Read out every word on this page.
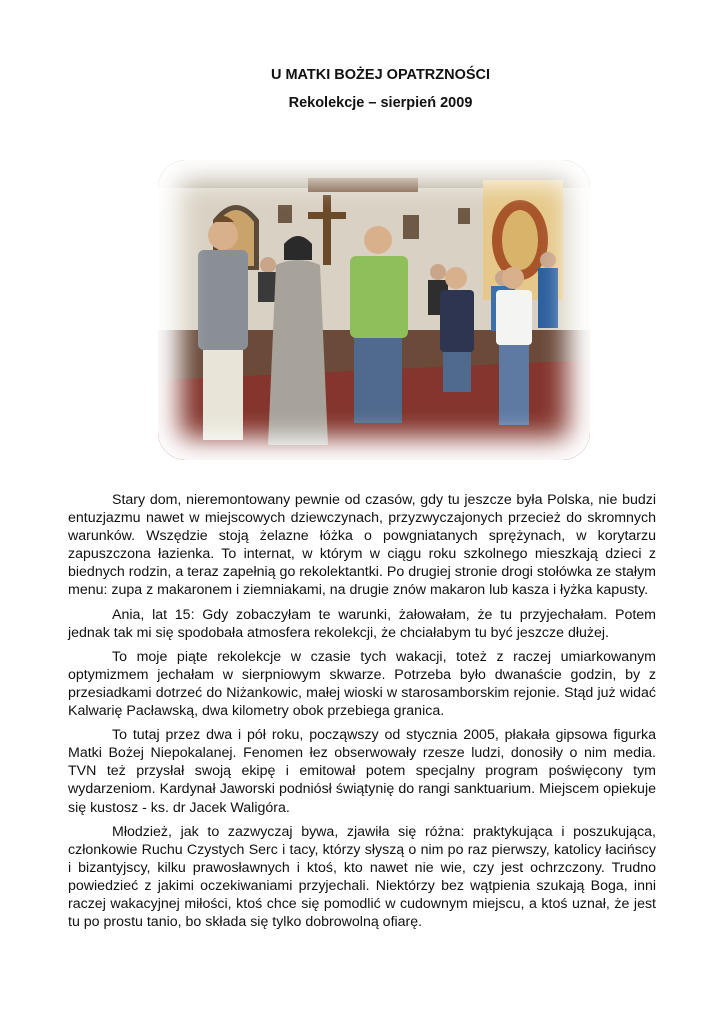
U MATKI BOŻEJ OPATRZNOŚCI
Rekolekcje – sierpień 2009

Stary dom, nieremontowany pewnie od czasów, gdy tu jeszcze była Polska, nie budzi entuzjazmu nawet w miejscowych dziewczynach, przyzwyczajonych przecież do skromnych warunków. Wszędzie stoją żelazne łóżka o powgniatanych sprężynach, w korytarzu zapuszczona łazienka. To internat, w którym w ciągu roku szkolnego mieszkają dzieci z biednych rodzin, a teraz zapełnią go rekolektantki. Po drugiej stronie drogi stołówka ze stałym menu: zupa z makaronem i ziemniakami, na drugie znów makaron lub kasza i łyżka kapusty.

Ania, lat 15: Gdy zobaczyłam te warunki, żałowałam, że tu przyjechałam. Potem jednak tak mi się spodobała atmosfera rekolekcji, że chciałabym tu być jeszcze dłużej.

To moje piąte rekolekcje w czasie tych wakacji, toteż z raczej umiarkowanym optymizmem jechałam w sierpniowym skwarze. Potrzeba było dwanaście godzin, by z przesiadkami dotrzeć do Niżankowic, małej wioski w starosamborskim rejonie. Stąd już widać Kalwarię Pacławską, dwa kilometry obok przebiega granica.

To tutaj przez dwa i pół roku, począwszy od stycznia 2005, płakała gipsowa figurka Matki Bożej Niepokalanej. Fenomen łez obserwowały rzesze ludzi, donosiły o nim media. TVN też przysłał swoją ekipę i emitował potem specjalny program poświęcony tym wydarzeniom. Kardynał Jaworski podniósł świątynię do rangi sanktuarium. Miejscem opiekuje się kustosz - ks. dr Jacek Waligóra.

Młodzież, jak to zazwyczaj bywa, zjawiła się różna: praktykująca i poszukująca, członkowie Ruchu Czystych Serc i tacy, którzy słyszą o nim po raz pierwszy, katolicy łacińscy i bizantyjscy, kilku prawosławnych i ktoś, kto nawet nie wie, czy jest ochrzczony. Trudno powiedzieć z jakimi oczekiwaniami przyjechali. Niektórzy bez wątpienia szukają Boga, inni raczej wakacyjnej miłości, ktoś chce się pomodlić w cudownym miejscu, a ktoś uznał, że jest tu po prostu tanio, bo składa się tylko dobrowolną ofiarę.
